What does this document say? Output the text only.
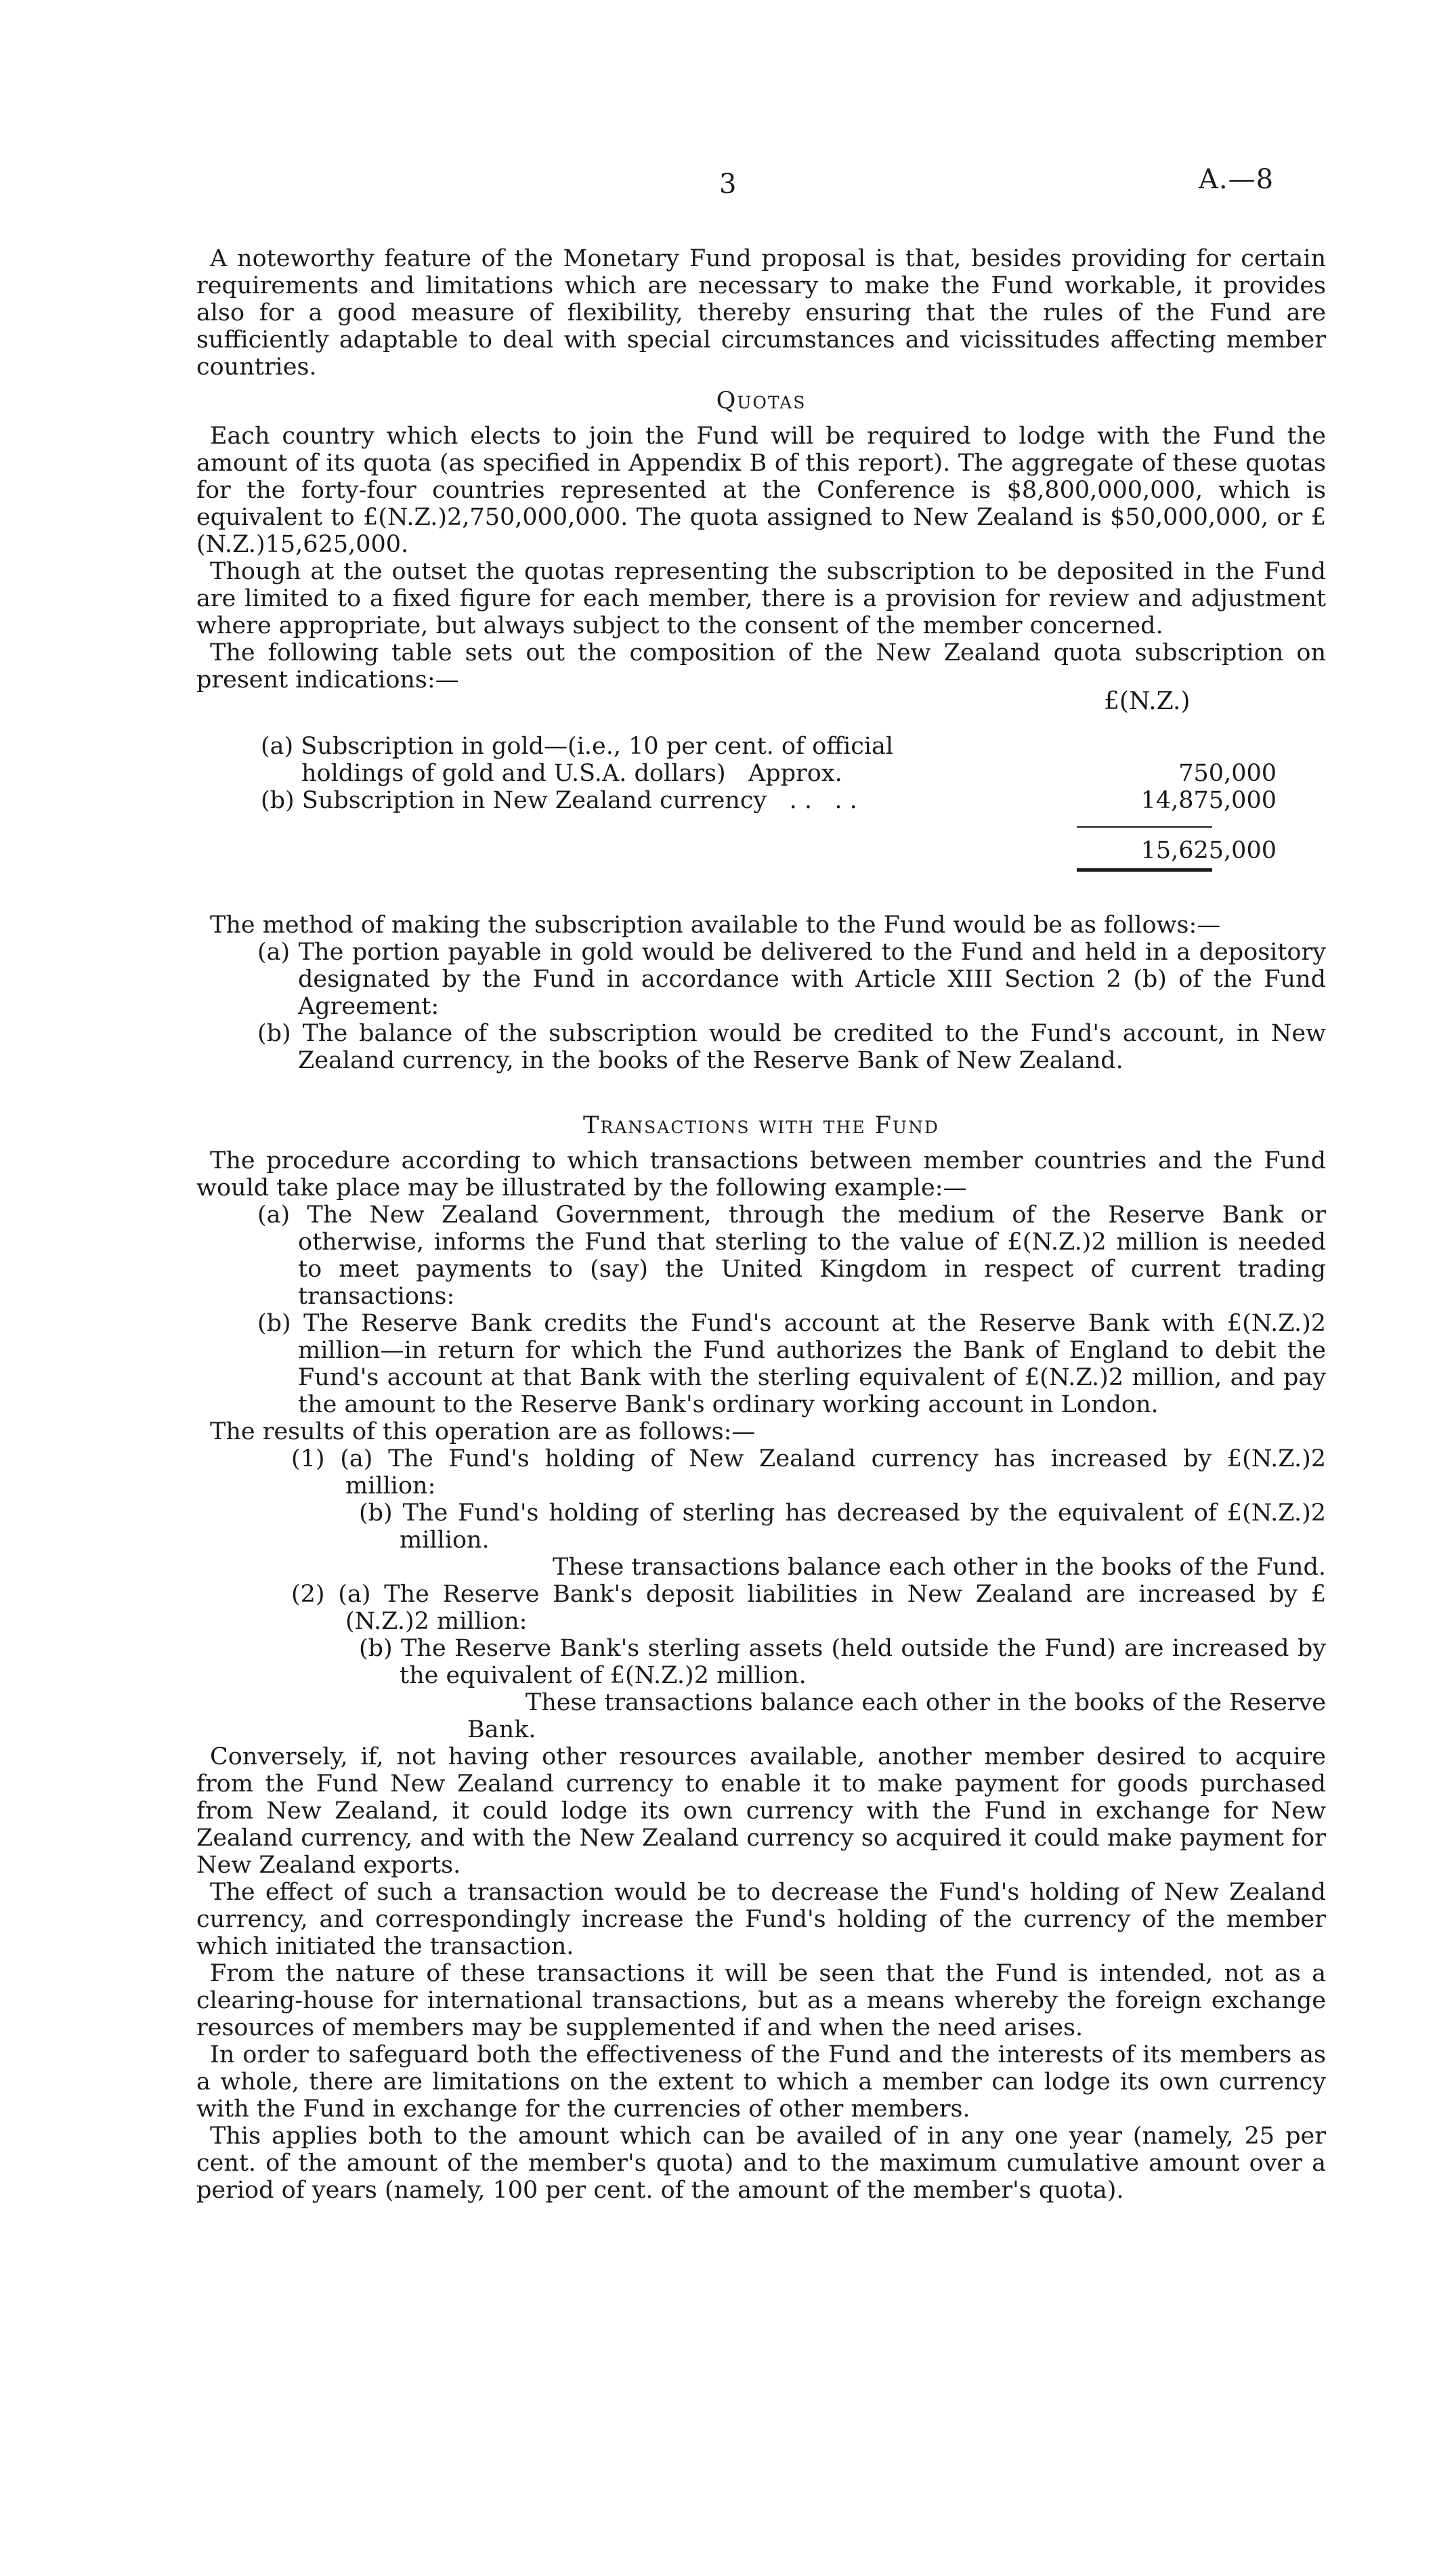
3	A.—8

A noteworthy feature of the Monetary Fund proposal is that, besides providing for certain requirements and limitations which are necessary to make the Fund workable, it provides also for a good measure of flexibility, thereby ensuring that the rules of the Fund are sufficiently adaptable to deal with special circumstances and vicissitudes affecting member countries.

Quotas

Each country which elects to join the Fund will be required to lodge with the Fund the amount of its quota (as specified in Appendix B of this report). The aggregate of these quotas for the forty-four countries represented at the Conference is $8,800,000,000, which is equivalent to £(N.Z.)2,750,000,000. The quota assigned to New Zealand is $50,000,000, or £(N.Z.)15,625,000.

Though at the outset the quotas representing the subscription to be deposited in the Fund are limited to a fixed figure for each member, there is a provision for review and adjustment where appropriate, but always subject to the consent of the member concerned.

The following table sets out the composition of the New Zealand quota subscription on present indications:—

£(N.Z.)
(a) Subscription in gold—(i.e., 10 per cent. of official
holdings of gold and U.S.A. dollars)   Approx.	750,000
(b) Subscription in New Zealand currency   . .   . .	14,875,000
15,625,000

The method of making the subscription available to the Fund would be as follows:—

(a) The portion payable in gold would be delivered to the Fund and held in a depository designated by the Fund in accordance with Article XIII Section 2 (b) of the Fund Agreement:

(b) The balance of the subscription would be credited to the Fund's account, in New Zealand currency, in the books of the Reserve Bank of New Zealand.

Transactions with the Fund

The procedure according to which transactions between member countries and the Fund would take place may be illustrated by the following example:—

(a) The New Zealand Government, through the medium of the Reserve Bank or otherwise, informs the Fund that sterling to the value of £(N.Z.)2 million is needed to meet payments to (say) the United Kingdom in respect of current trading transactions:

(b) The Reserve Bank credits the Fund's account at the Reserve Bank with £(N.Z.)2 million—in return for which the Fund authorizes the Bank of England to debit the Fund's account at that Bank with the sterling equivalent of £(N.Z.)2 million, and pay the amount to the Reserve Bank's ordinary working account in London.

The results of this operation are as follows:—

(1) (a) The Fund's holding of New Zealand currency has increased by £(N.Z.)2 million:

(b) The Fund's holding of sterling has decreased by the equivalent of £(N.Z.)2 million.

These transactions balance each other in the books of the Fund.

(2) (a) The Reserve Bank's deposit liabilities in New Zealand are increased by £(N.Z.)2 million:

(b) The Reserve Bank's sterling assets (held outside the Fund) are increased by the equivalent of £(N.Z.)2 million.

These transactions balance each other in the books of the Reserve

Bank.

Conversely, if, not having other resources available, another member desired to acquire from the Fund New Zealand currency to enable it to make payment for goods purchased from New Zealand, it could lodge its own currency with the Fund in exchange for New Zealand currency, and with the New Zealand currency so acquired it could make payment for New Zealand exports.

The effect of such a transaction would be to decrease the Fund's holding of New Zealand currency, and correspondingly increase the Fund's holding of the currency of the member which initiated the transaction.

From the nature of these transactions it will be seen that the Fund is intended, not as a clearing-house for international transactions, but as a means whereby the foreign exchange resources of members may be supplemented if and when the need arises.

In order to safeguard both the effectiveness of the Fund and the interests of its members as a whole, there are limitations on the extent to which a member can lodge its own currency with the Fund in exchange for the currencies of other members.

This applies both to the amount which can be availed of in any one year (namely, 25 per cent. of the amount of the member's quota) and to the maximum cumulative amount over a period of years (namely, 100 per cent. of the amount of the member's quota).
